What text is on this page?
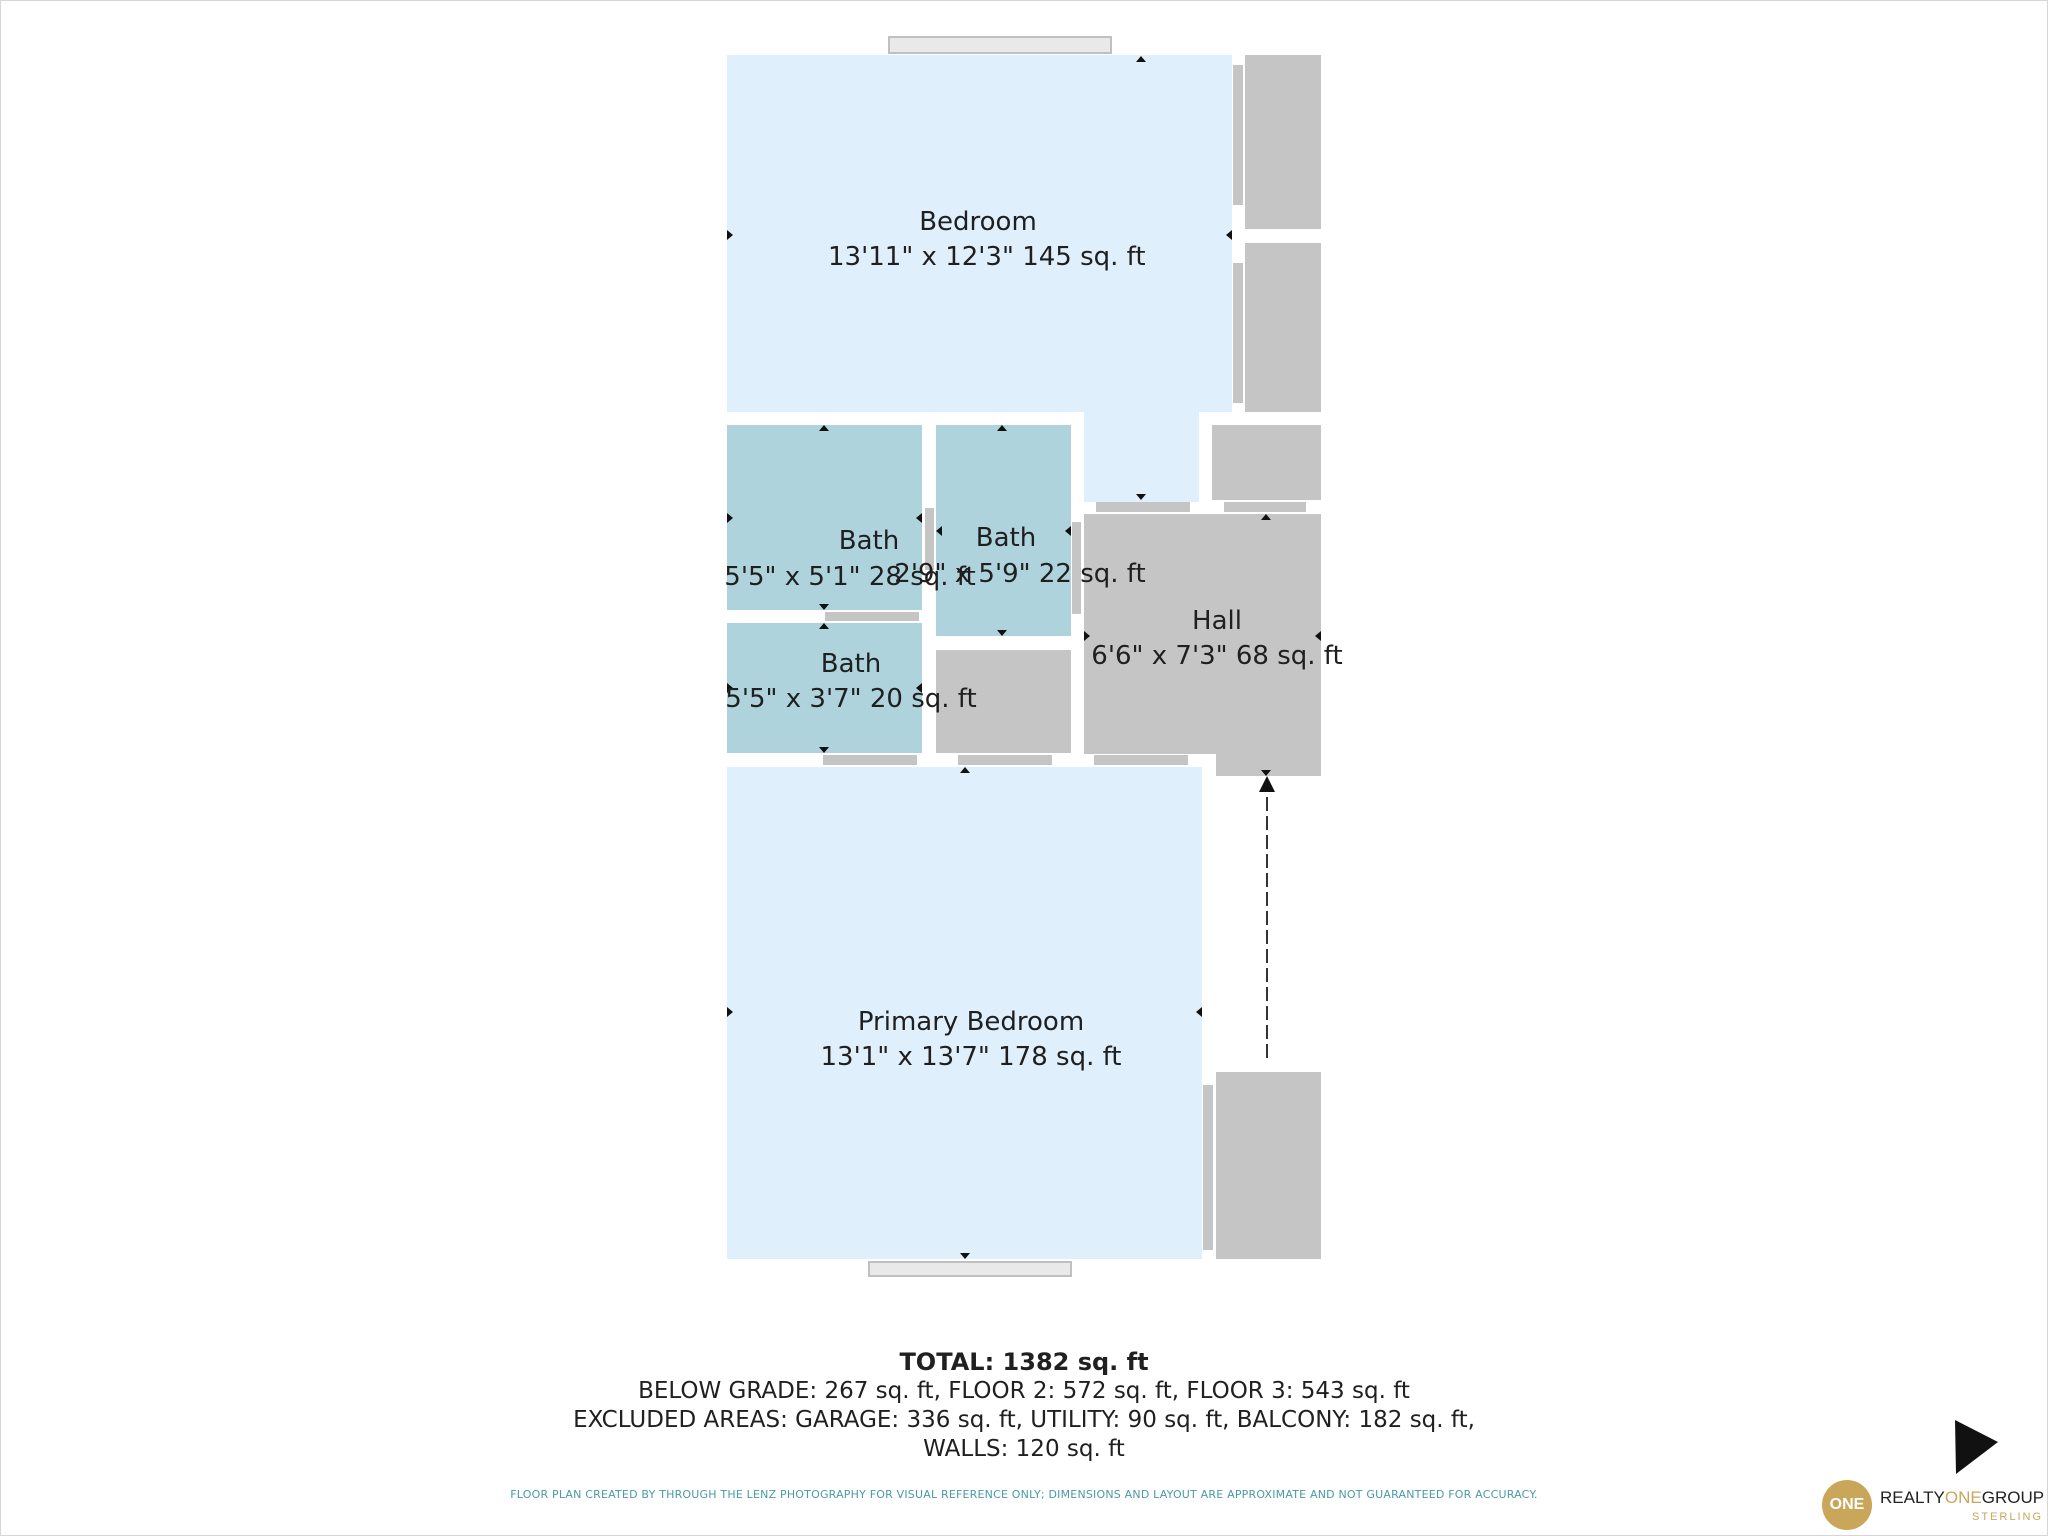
Bedroom
13'11" x 12'3" 145 sq. ft
Bath
5'5" x 5'1" 28 sq. ft
Bath
2'9" x 5'9" 22 sq. ft
Bath
5'5" x 3'7" 20 sq. ft
Hall
6'6" x 7'3" 68 sq. ft
Primary Bedroom
13'1" x 13'7" 178 sq. ft
TOTAL: 1382 sq. ft
BELOW GRADE: 267 sq. ft, FLOOR 2: 572 sq. ft, FLOOR 3: 543 sq. ft
EXCLUDED AREAS: GARAGE: 336 sq. ft, UTILITY: 90 sq. ft, BALCONY: 182 sq. ft,
WALLS: 120 sq. ft
FLOOR PLAN CREATED BY THROUGH THE LENZ PHOTOGRAPHY FOR VISUAL REFERENCE ONLY; DIMENSIONS AND LAYOUT ARE APPROXIMATE AND NOT GUARANTEED FOR ACCURACY.
ONE REALTYONEGROUP
STERLING
